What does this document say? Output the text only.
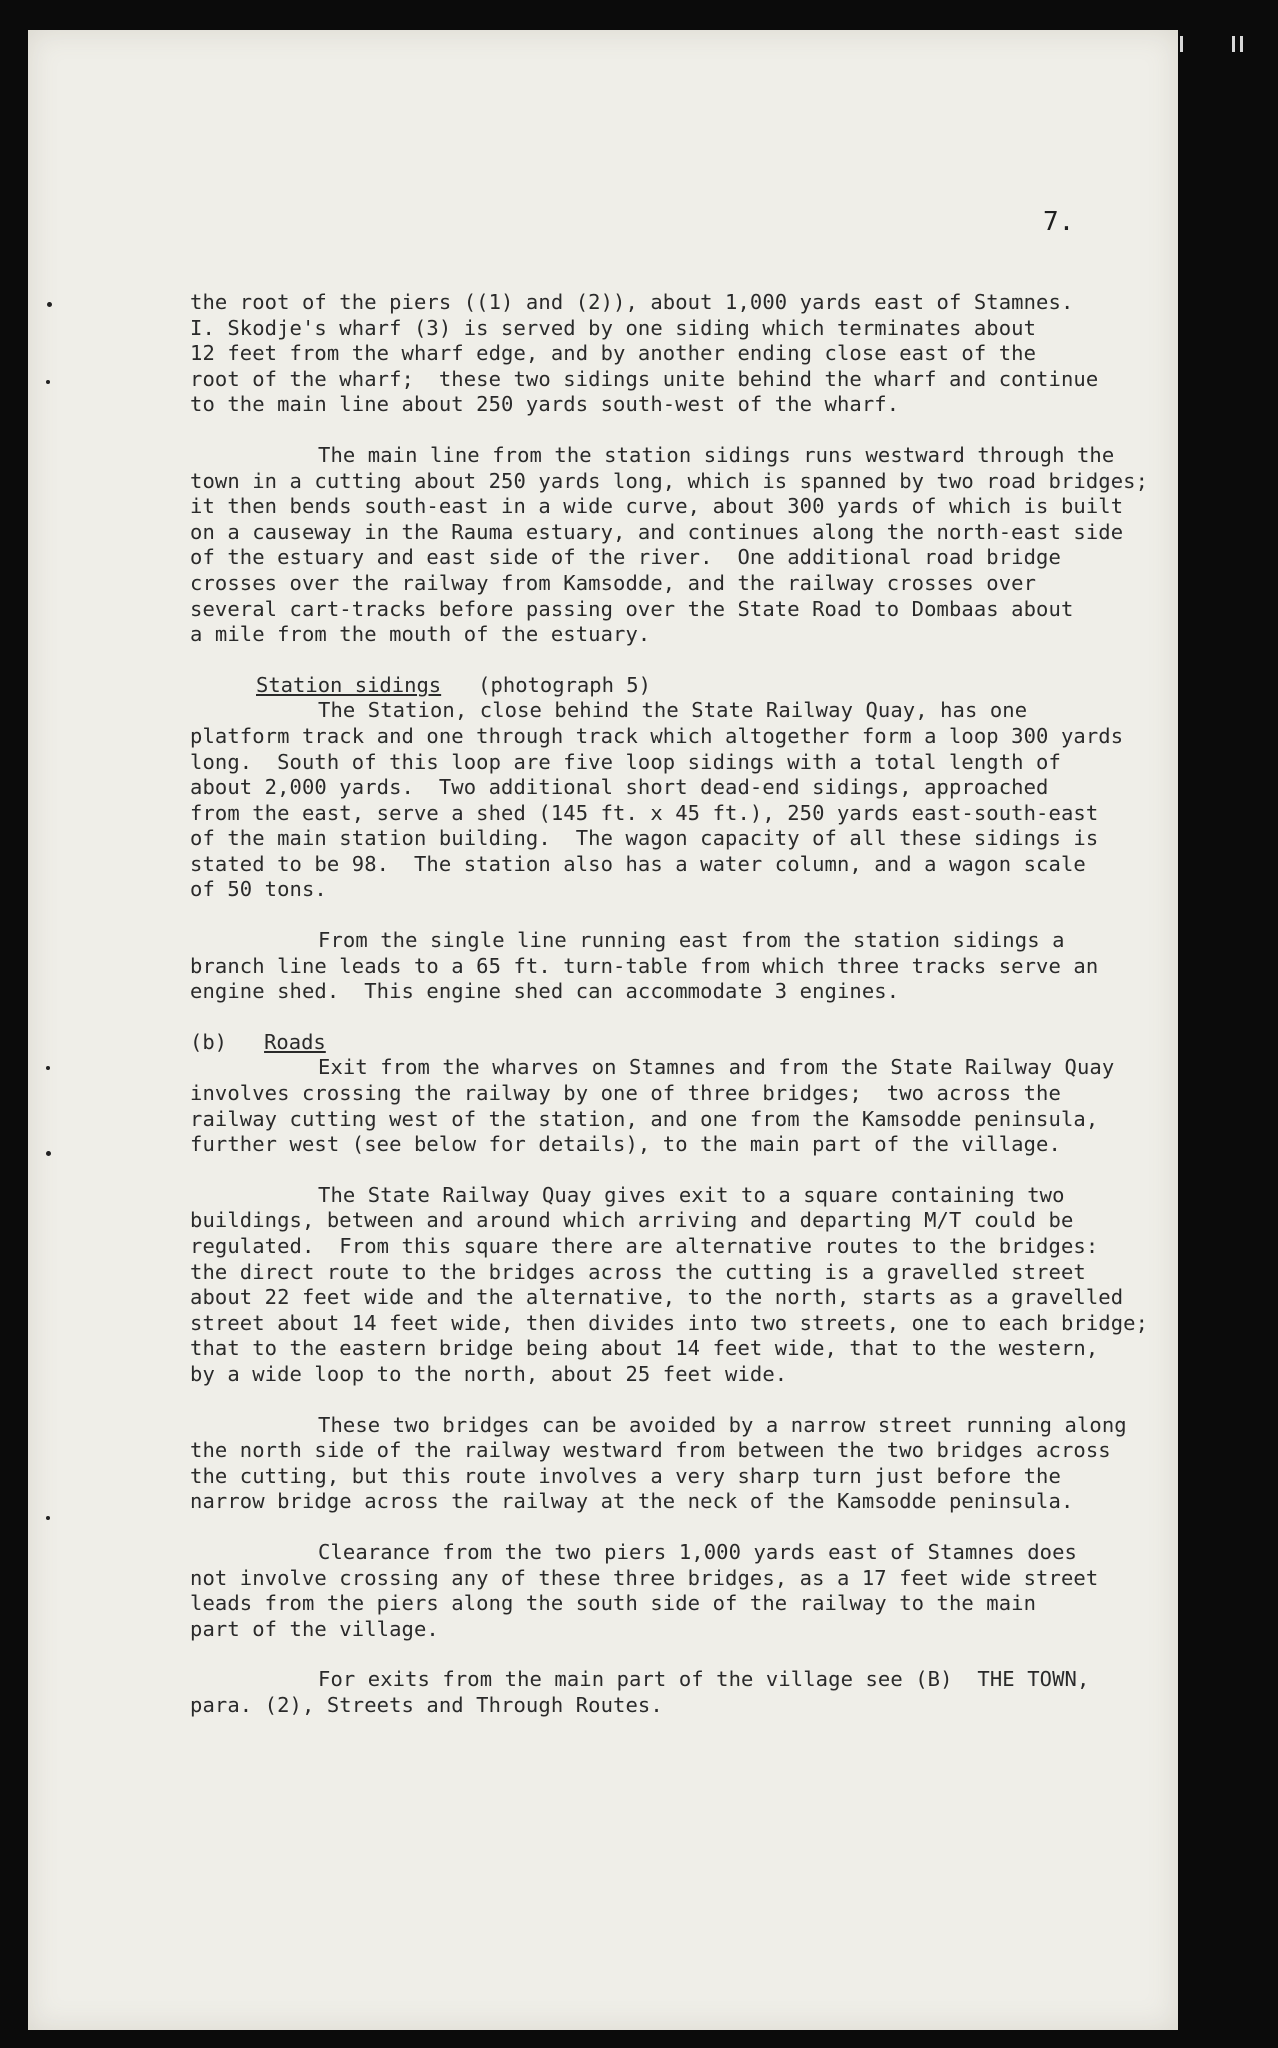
7.
the root of the piers ((1) and (2)), about 1,000 yards east of Stamnes.
I. Skodje's wharf (3) is served by one siding which terminates about
12 feet from the wharf edge, and by another ending close east of the
root of the wharf;  these two sidings unite behind the wharf and continue
to the main line about 250 yards south-west of the wharf.
The main line from the station sidings runs westward through the
town in a cutting about 250 yards long, which is spanned by two road bridges;
it then bends south-east in a wide curve, about 300 yards of which is built
on a causeway in the Rauma estuary, and continues along the north-east side
of the estuary and east side of the river.  One additional road bridge
crosses over the railway from Kamsodde, and the railway crosses over
several cart-tracks before passing over the State Road to Dombaas about
a mile from the mouth of the estuary.
Station sidings (photograph 5)
The Station, close behind the State Railway Quay, has one
platform track and one through track which altogether form a loop 300 yards
long.  South of this loop are five loop sidings with a total length of
about 2,000 yards.  Two additional short dead-end sidings, approached
from the east, serve a shed (145 ft. x 45 ft.), 250 yards east-south-east
of the main station building.  The wagon capacity of all these sidings is
stated to be 98.  The station also has a water column, and a wagon scale
of 50 tons.
From the single line running east from the station sidings a
branch line leads to a 65 ft. turn-table from which three tracks serve an
engine shed.  This engine shed can accommodate 3 engines.
(b) Roads
Exit from the wharves on Stamnes and from the State Railway Quay
involves crossing the railway by one of three bridges;  two across the
railway cutting west of the station, and one from the Kamsodde peninsula,
further west (see below for details), to the main part of the village.
The State Railway Quay gives exit to a square containing two
buildings, between and around which arriving and departing M/T could be
regulated.  From this square there are alternative routes to the bridges:
the direct route to the bridges across the cutting is a gravelled street
about 22 feet wide and the alternative, to the north, starts as a gravelled
street about 14 feet wide, then divides into two streets, one to each bridge;
that to the eastern bridge being about 14 feet wide, that to the western,
by a wide loop to the north, about 25 feet wide.
These two bridges can be avoided by a narrow street running along
the north side of the railway westward from between the two bridges across
the cutting, but this route involves a very sharp turn just before the
narrow bridge across the railway at the neck of the Kamsodde peninsula.
Clearance from the two piers 1,000 yards east of Stamnes does
not involve crossing any of these three bridges, as a 17 feet wide street
leads from the piers along the south side of the railway to the main
part of the village.
For exits from the main part of the village see (B)  THE TOWN,
para. (2), Streets and Through Routes.
